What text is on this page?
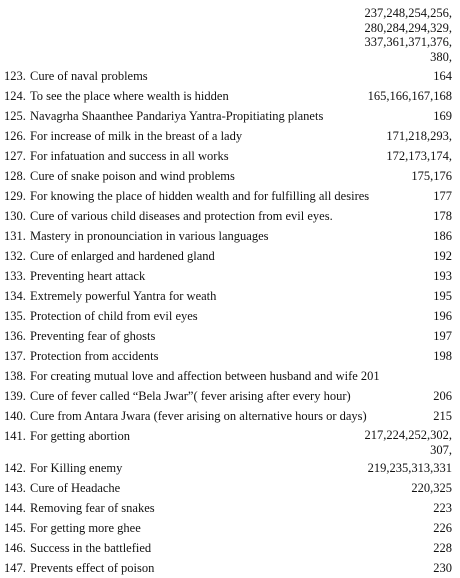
237,248,254,256,
280,284,294,329,
337,361,371,376,
380,
123. Cure of naval problems	164
124. To see the place where wealth is hidden	165,166,167,168
125. Navagrha Shaanthee Pandariya Yantra-Propitiating planets	169
126. For increase of milk in the breast of a lady	171,218,293,
127. For infatuation and success in all works	172,173,174,
128. Cure of snake poison and wind problems	175,176
129. For knowing the place of hidden wealth and for fulfilling all desires	177
130. Cure of various child diseases and protection from evil eyes.	178
131. Mastery in pronounciation in various languages	186
132. Cure of enlarged and hardened gland	192
133. Preventing heart attack	193
134. Extremely powerful Yantra for weath	195
135. Protection of child from evil eyes	196
136. Preventing fear of ghosts	197
137. Protection from accidents	198
138. For creating mutual love and affection between husband and wife 201
139. Cure of fever called “Bela Jwar”( fever arising after every hour)	206
140. Cure from Antara Jwara (fever arising on alternative hours or days)	215
141. For getting abortion	217,224,252,302,
307,
142. For Killing enemy	219,235,313,331
143. Cure of Headache	220,325
144. Removing fear of snakes	223
145. For getting more ghee	226
146. Success in the battlefied	228
147. Prevents effect of poison	230
